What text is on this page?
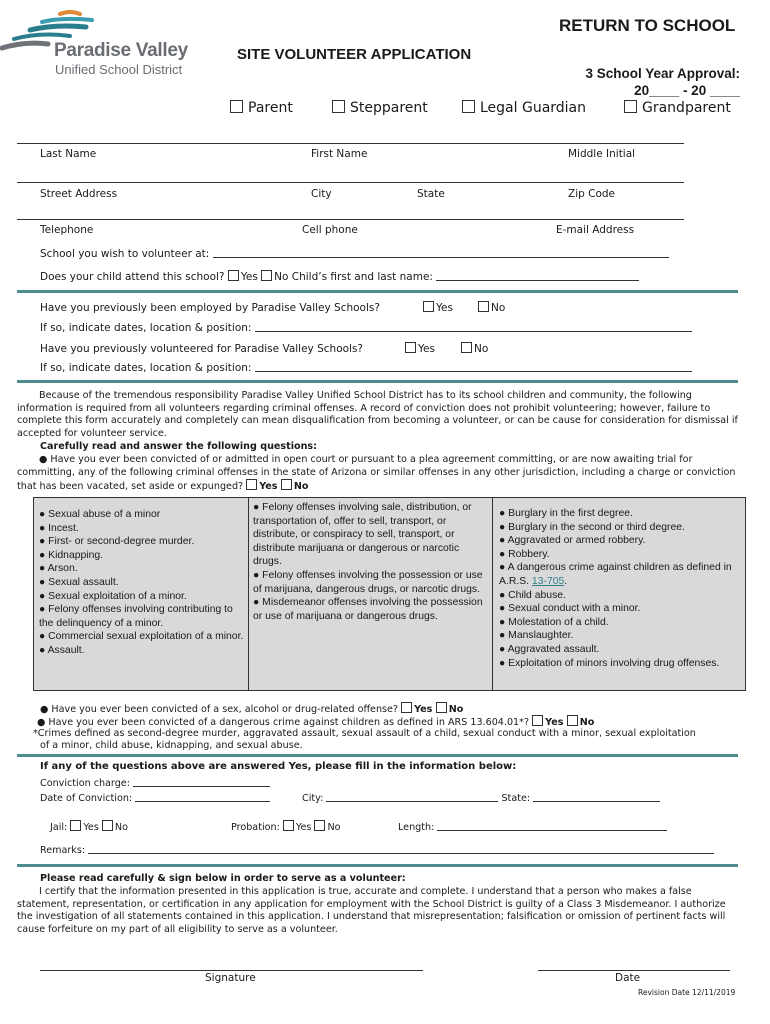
Paradise Valley
Unified School District
RETURN TO SCHOOL
SITE VOLUNTEER APPLICATION
3 School Year Approval:
20____ - 20 ____
Parent	Stepparent	Legal Guardian	Grandparent
Last Name	First Name	Middle Initial
Street Address	City	State	Zip Code
Telephone	Cell phone	E-mail Address
School you wish to volunteer at:
Does your child attend this school? Yes No Child’s first and last name:
Have you previously been employed by Paradise Valley Schools?	Yes	No
If so, indicate dates, location & position:
Have you previously volunteered for Paradise Valley Schools?	Yes	No
If so, indicate dates, location & position:
Because of the tremendous responsibility Paradise Valley Unified School District has to its school children and community, the following information is required from all volunteers regarding criminal offenses. A record of conviction does not prohibit volunteering; however, failure to complete this form accurately and completely can mean disqualification from becoming a volunteer, or can be cause for consideration for dismissal if accepted for volunteer service.
Carefully read and answer the following questions:
● Have you ever been convicted of or admitted in open court or pursuant to a plea agreement committing, or are now awaiting trial for committing, any of the following criminal offenses in the state of Arizona or similar offenses in any other jurisdiction, including a charge or conviction that has been vacated, set aside or expunged? Yes No
● Sexual abuse of a minor
● Incest.
● First- or second-degree murder.
● Kidnapping.
● Arson.
● Sexual assault.
● Sexual exploitation of a minor.
● Felony offenses involving contributing to the delinquency of a minor.
● Commercial sexual exploitation of a minor.
● Assault.
● Felony offenses involving sale, distribution, or transportation of, offer to sell, transport, or distribute, or conspiracy to sell, transport, or distribute marijuana or dangerous or narcotic drugs.
● Felony offenses involving the possession or use of marijuana, dangerous drugs, or narcotic drugs.
● Misdemeanor offenses involving the possession or use of marijuana or dangerous drugs.
● Burglary in the first degree.
● Burglary in the second or third degree.
● Aggravated or armed robbery.
● Robbery.
● A dangerous crime against children as defined in A.R.S. 13-705.
● Child abuse.
● Sexual conduct with a minor.
● Molestation of a child.
● Manslaughter.
● Aggravated assault.
● Exploitation of minors involving drug offenses.
● Have you ever been convicted of a sex, alcohol or drug-related offense? Yes No
● Have you ever been convicted of a dangerous crime against children as defined in ARS 13.604.01*? Yes No
*Crimes defined as second-degree murder, aggravated assault, sexual assault of a child, sexual conduct with a minor, sexual exploitation
of a minor, child abuse, kidnapping, and sexual abuse.
If any of the questions above are answered Yes, please fill in the information below:
Conviction charge:
Date of Conviction:	City:	State:
Jail: Yes No	Probation: Yes No	Length:
Remarks:
Please read carefully & sign below in order to serve as a volunteer:
I certify that the information presented in this application is true, accurate and complete. I understand that a person who makes a false statement, representation, or certification in any application for employment with the School District is guilty of a Class 3 Misdemeanor. I authorize the investigation of all statements contained in this application. I understand that misrepresentation; falsification or omission of pertinent facts will cause forfeiture on my part of all eligibility to serve as a volunteer.
Signature	Date
Revision Date 12/11/2019
